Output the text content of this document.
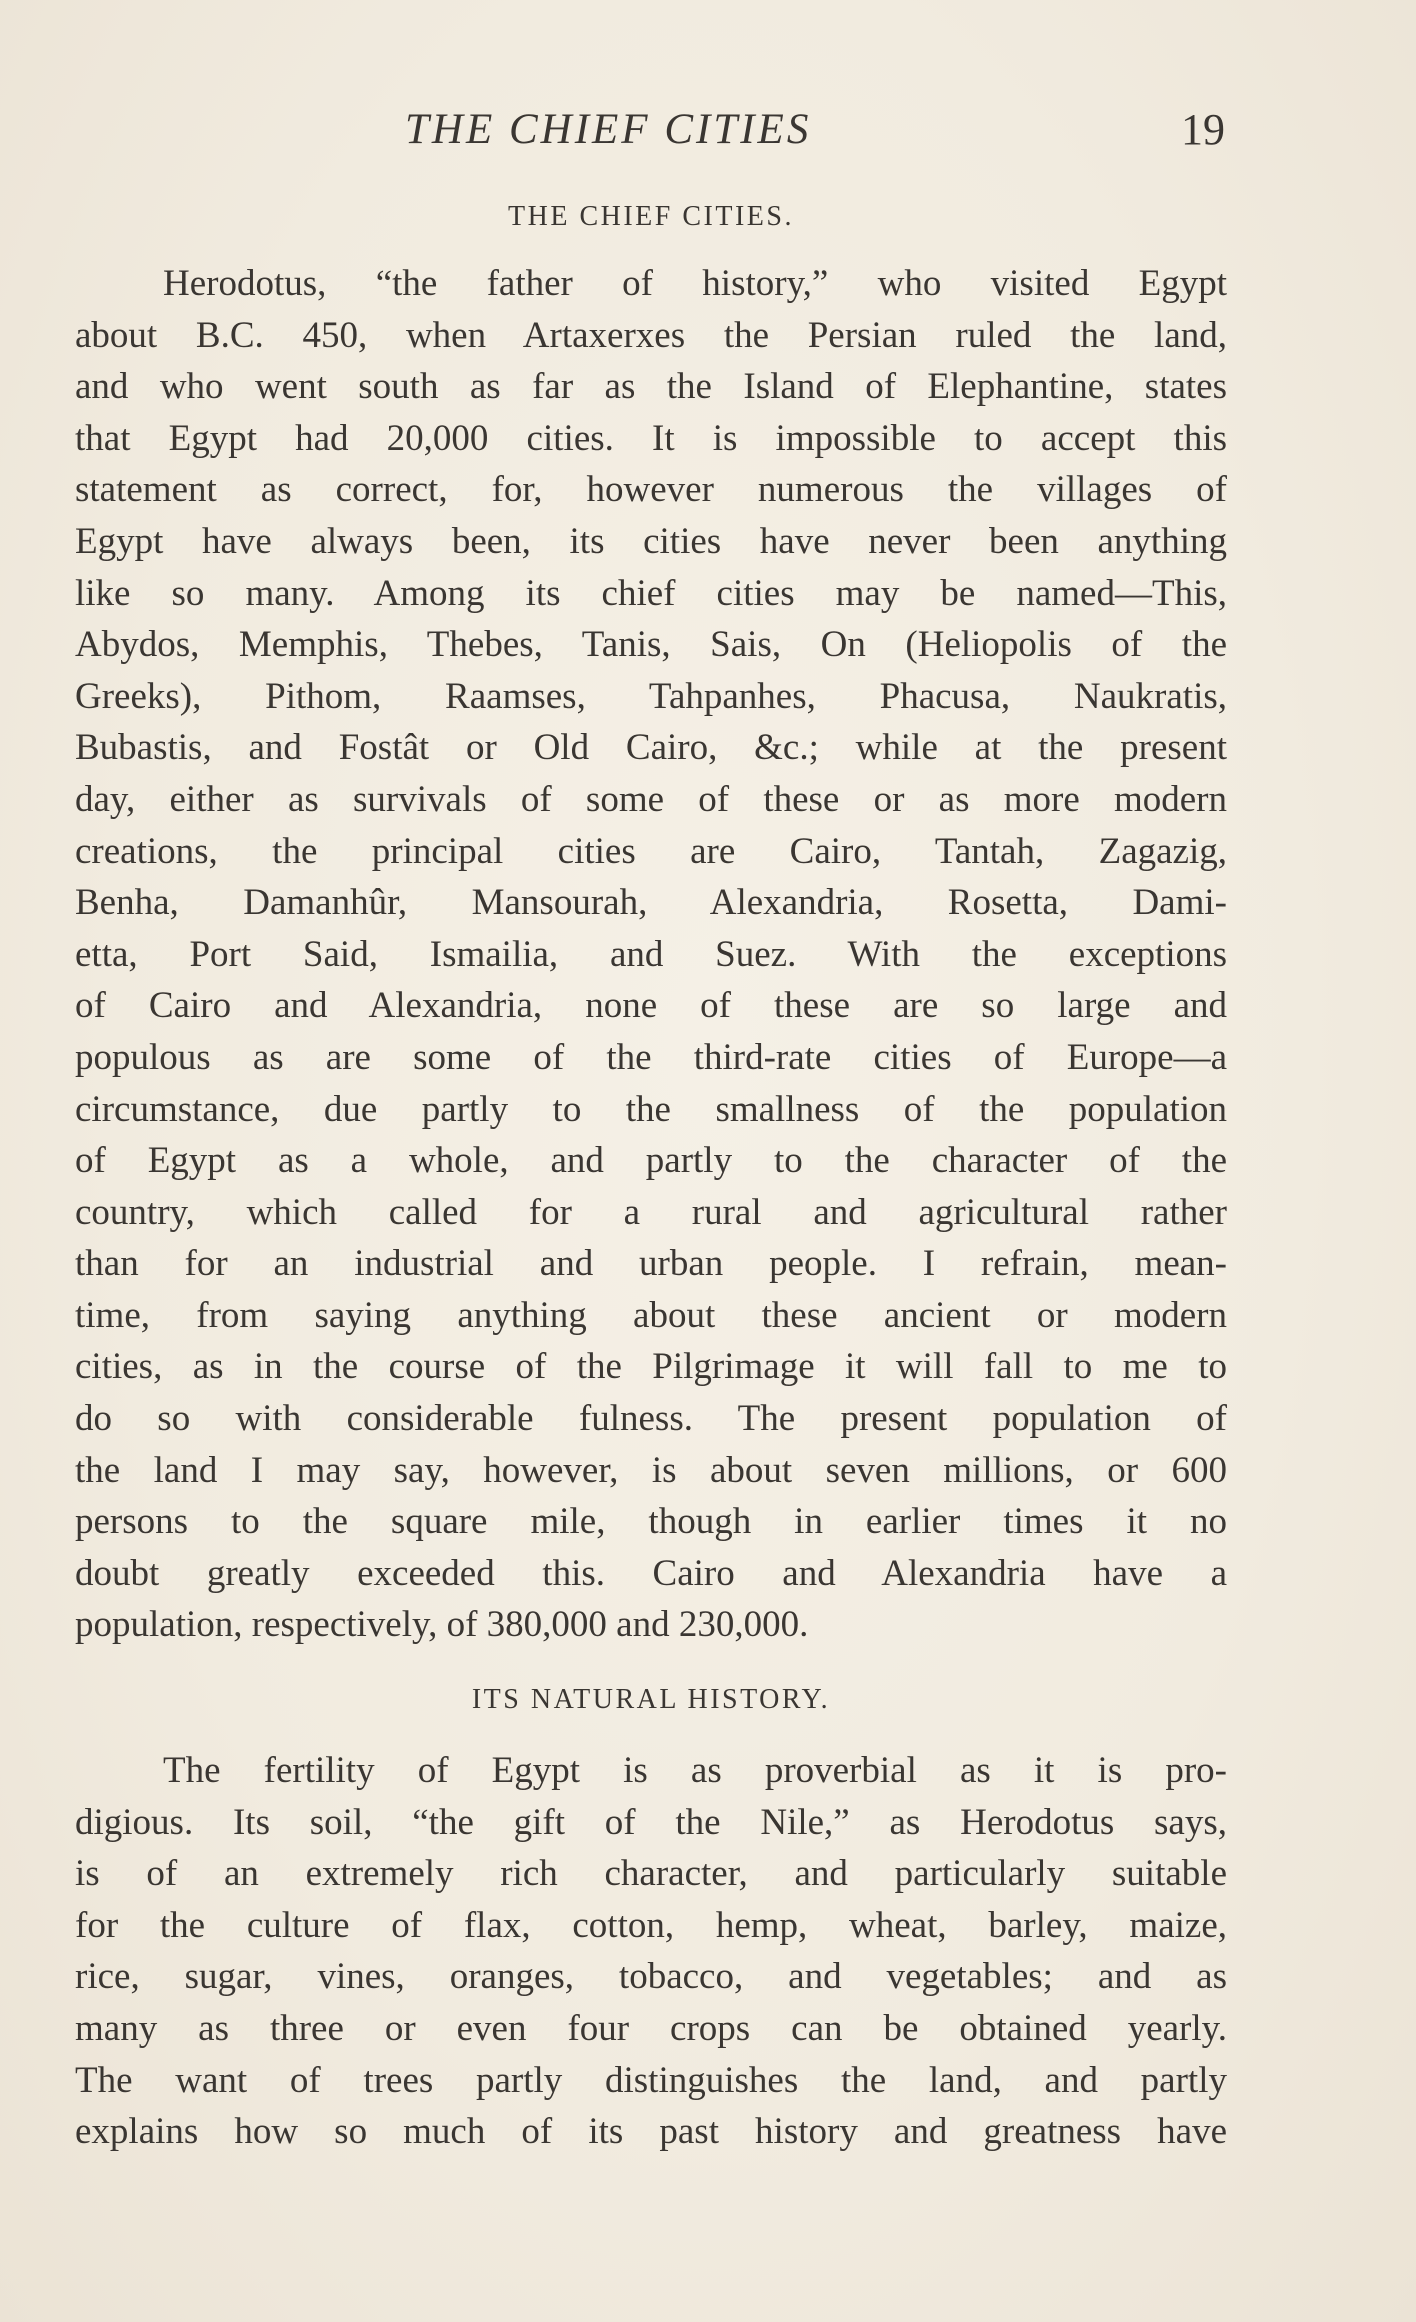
THE CHIEF CITIES	19
THE CHIEF CITIES.
Herodotus, “the father of history,” who visited Egypt
about B.C. 450, when Artaxerxes the Persian ruled the land,
and who went south as far as the Island of Elephantine, states
that Egypt had 20,000 cities. It is impossible to accept this
statement as correct, for, however numerous the villages of
Egypt have always been, its cities have never been anything
like so many. Among its chief cities may be named—This,
Abydos, Memphis, Thebes, Tanis, Sais, On (Heliopolis of the
Greeks), Pithom, Raamses, Tahpanhes, Phacusa, Naukratis,
Bubastis, and Fostât or Old Cairo, &c.; while at the present
day, either as survivals of some of these or as more modern
creations, the principal cities are Cairo, Tantah, Zagazig,
Benha, Damanhûr, Mansourah, Alexandria, Rosetta, Dami-
etta, Port Said, Ismailia, and Suez. With the exceptions
of Cairo and Alexandria, none of these are so large and
populous as are some of the third-rate cities of Europe—a
circumstance, due partly to the smallness of the population
of Egypt as a whole, and partly to the character of the
country, which called for a rural and agricultural rather
than for an industrial and urban people. I refrain, mean-
time, from saying anything about these ancient or modern
cities, as in the course of the Pilgrimage it will fall to me to
do so with considerable fulness. The present population of
the land I may say, however, is about seven millions, or 600
persons to the square mile, though in earlier times it no
doubt greatly exceeded this. Cairo and Alexandria have a
population, respectively, of 380,000 and 230,000.
ITS NATURAL HISTORY.
The fertility of Egypt is as proverbial as it is pro-
digious. Its soil, “the gift of the Nile,” as Herodotus says,
is of an extremely rich character, and particularly suitable
for the culture of flax, cotton, hemp, wheat, barley, maize,
rice, sugar, vines, oranges, tobacco, and vegetables; and as
many as three or even four crops can be obtained yearly.
The want of trees partly distinguishes the land, and partly
explains how so much of its past history and greatness have
